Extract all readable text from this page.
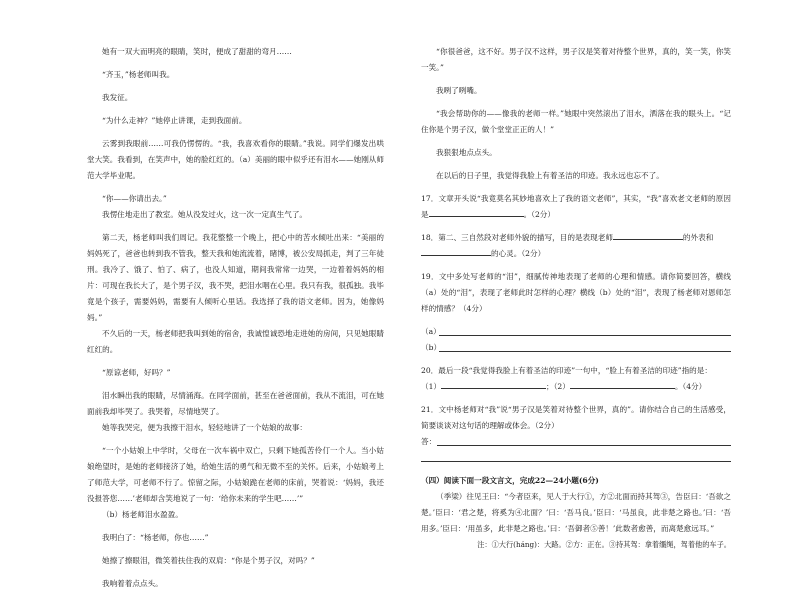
她有一双大而明亮的眼睛，笑时，便成了甜甜的弯月……

“齐玉，”杨老师叫我。

我发征。

“为什么走神？”她停止讲课，走到我面前。

云雾到我眼前……可我仍愣愣的。“我，我喜欢看你的眼睛。”我说。同学们爆发出哄堂大笑。我看到，在笑声中，她的脸红红的。（a）美丽的眼中似乎还有泪水——她刚从师范大学毕业呢。

“你——你请出去。”

我愣住地走出了教室。她从没发过火，这一次一定真生气了。

第二天，杨老师叫我们周记。我花整整一个晚上，把心中的苦水倾吐出来：“美丽的妈妈死了，爸爸也转到我不管我，整天我和她流流着，睹博，被公安局抓走，判了三年徒刑。我冷了、饿了、怕了、病了，也没人知道，期间我常常一边哭，一边着着妈妈的相片：可现在我长大了，是个男子汉，我不哭，把泪水咽在心里。我只有我，很孤独。我毕竟是个孩子，需要妈妈，需要有人倾听心里话。我选择了我的语文老师。因为，她像妈妈。”

不久后的一天，杨老师把我叫到她的宿舍，我诚惶诚恐地走进她的房间，只见她眼睛红红的。

“原谅老师，好吗？”

泪水瞬出我的眼睛，尽情涌海。在同学面前，甚至在爸爸面前，我从不流泪，可在她面前我却毕哭了。我哭着，尽情地哭了。

她等我哭完，便为我擦干泪水，轻轻地讲了一个姑娘的故事：

“一个小姑娘上中学时，父母在一次车祸中双亡，只剩下她孤苦伶仃一个人。当小姑娘绝望时，是她的老师接济了她，给她生活的勇气和无微不至的关怀。后来，小姑娘考上了师范大学，可老师不行了。惊留之际，小姑娘跪在老师的床前，哭着说：‘妈妈，我还没报答您……’老师却含笑地说了一句：‘给你未来的学生吧……’”

（b）杨老师泪水盈盈。

我明白了：“杨老师，你也……”

她擦了擦眼泪，微笑着扶住我的双肩：“你是个男子汉，对吗？”

我响着着点点头。

“你很爸爸，这不好。男子汉不这样，男子汉是笑着对待整个世界，真的，笑一笑，你笑一笑。”

我咧了咧嘴。

“我会帮助你的——像我的老师一样。”她眼中突然滚出了泪水，洒落在我的眼头上。“记住你是个男子汉，做个堂堂正正的人！”

我狠狠地点点头。

在以后的日子里，我觉得我脸上有着圣洁的印迹。我永远也忘不了。

17．文章开头说“我竟莫名其妙地喜欢上了我的语文老师”，其实，“我”喜欢老文老师的原因是	。（2分）

18．第二、三自然段对老师外貌的描写，目的是表现老师	的外表和
的心灵。（2分）

19．文中多处写老师的“泪”，细腻传神地表现了老师的心理和情感。请你简要回答，横线（a）处的“泪”，表现了老师此时怎样的心理？横线（b）处的“泪”，表现了杨老师对恩师怎样的情感？（4分）

（a）
（b）

20．最后一段“我觉得我脸上有着圣洁的印迹”一句中，“脸上有着圣洁的印迹”指的是：

（1）	；（2）	。（4分）

21．文中杨老师对“我”说“男子汉是笑着对待整个世界，真的”。请你结合自己的生活感受，简要谈谈对这句话的理解或体会。（2分）

答：

（四）阅读下面一段文言文，完成22—24小题(6分)

（季梁）往见王曰：“今者臣来，见人于大行①，方②北面而持其驾③，告臣曰：‘吾欲之楚。’臣曰：‘君之楚，将奚为④北面？’曰：‘吾马良。’臣曰：‘马虽良，此非楚之路也。’曰：‘吾用多。’臣曰：‘用虽多，此非楚之路也。’曰：‘吾御者⑤善！’此数者愈善，而离楚愈远耳。”

注：①大行(háng)：大路。②方：正在。③持其驾：拿着缰绳，驾着他的车子。
